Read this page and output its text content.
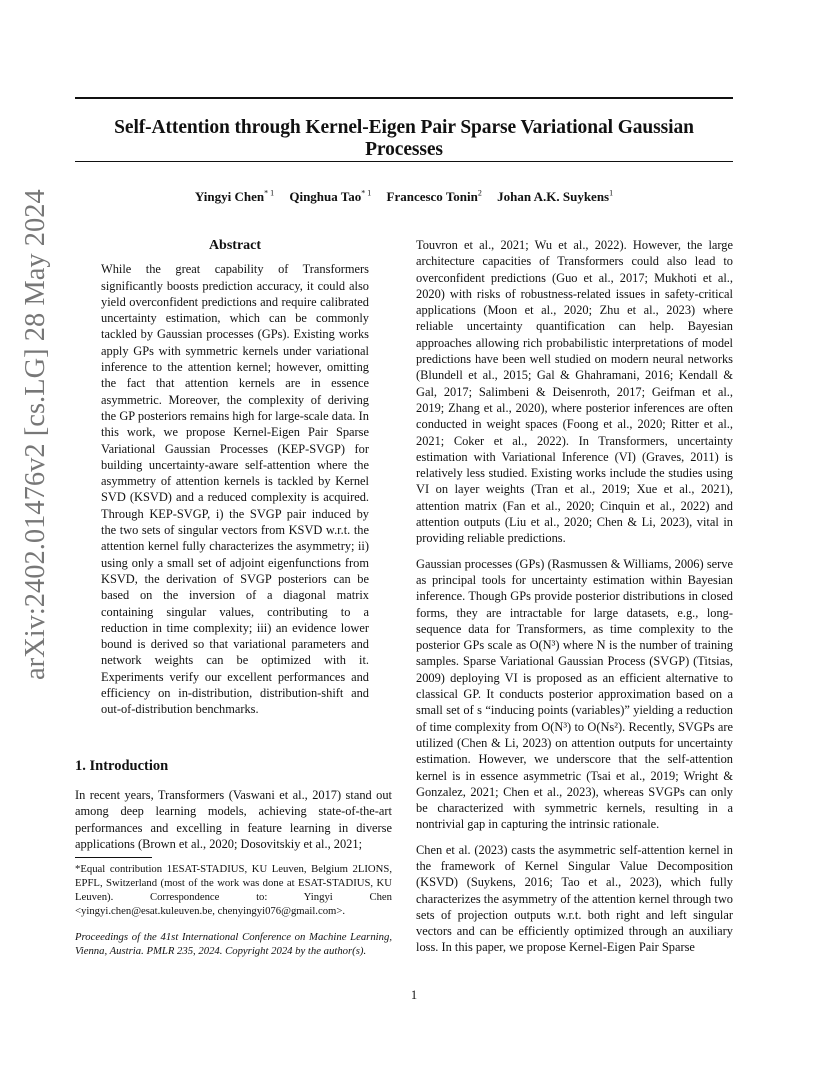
arXiv:2402.01476v2 [cs.LG] 28 May 2024
Self-Attention through Kernel-Eigen Pair Sparse Variational Gaussian Processes
Yingyi Chen$^{* 1}$ Qinghua Tao$^{* 1}$ Francesco Tonin$^2$ Johan A.K. Suykens$^1$
Abstract
While the great capability of Transformers significantly boosts prediction accuracy, it could also yield overconfident predictions and require calibrated uncertainty estimation, which can be commonly tackled by Gaussian processes (GPs). Existing works apply GPs with symmetric kernels under variational inference to the attention kernel; however, omitting the fact that attention kernels are in essence asymmetric. Moreover, the complexity of deriving the GP posteriors remains high for large-scale data. In this work, we propose Kernel-Eigen Pair Sparse Variational Gaussian Processes (KEP-SVGP) for building uncertainty-aware self-attention where the asymmetry of attention kernels is tackled by Kernel SVD (KSVD) and a reduced complexity is acquired. Through KEP-SVGP, i) the SVGP pair induced by the two sets of singular vectors from KSVD w.r.t. the attention kernel fully characterizes the asymmetry; ii) using only a small set of adjoint eigenfunctions from KSVD, the derivation of SVGP posteriors can be based on the inversion of a diagonal matrix containing singular values, contributing to a reduction in time complexity; iii) an evidence lower bound is derived so that variational parameters and network weights can be optimized with it. Experiments verify our excellent performances and efficiency on in-distribution, distribution-shift and out-of-distribution benchmarks.
1. Introduction
In recent years, Transformers (Vaswani et al., 2017) stand out among deep learning models, achieving state-of-the-art performances and excelling in feature learning in diverse applications (Brown et al., 2020; Dosovitskiy et al., 2021;
*Equal contribution 1ESAT-STADIUS, KU Leuven, Belgium 2LIONS, EPFL, Switzerland (most of the work was done at ESAT-STADIUS, KU Leuven). Correspondence to: Yingyi Chen <yingyi.chen@esat.kuleuven.be, chenyingyi076@gmail.com>.
Proceedings of the 41st International Conference on Machine Learning, Vienna, Austria. PMLR 235, 2024. Copyright 2024 by the author(s).

Touvron et al., 2021; Wu et al., 2022). However, the large architecture capacities of Transformers could also lead to overconfident predictions (Guo et al., 2017; Mukhoti et al., 2020) with risks of robustness-related issues in safety-critical applications (Moon et al., 2020; Zhu et al., 2023) where reliable uncertainty quantification can help. Bayesian approaches allowing rich probabilistic interpretations of model predictions have been well studied on modern neural networks (Blundell et al., 2015; Gal & Ghahramani, 2016; Kendall & Gal, 2017; Salimbeni & Deisenroth, 2017; Geifman et al., 2019; Zhang et al., 2020), where posterior inferences are often conducted in weight spaces (Foong et al., 2020; Ritter et al., 2021; Coker et al., 2022). In Transformers, uncertainty estimation with Variational Inference (VI) (Graves, 2011) is relatively less studied. Existing works include the studies using VI on layer weights (Tran et al., 2019; Xue et al., 2021), attention matrix (Fan et al., 2020; Cinquin et al., 2022) and attention outputs (Liu et al., 2020; Chen & Li, 2023), vital in providing reliable predictions.

Gaussian processes (GPs) (Rasmussen & Williams, 2006) serve as principal tools for uncertainty estimation within Bayesian inference. Though GPs provide posterior distributions in closed forms, they are intractable for large datasets, e.g., long-sequence data for Transformers, as time complexity to the posterior GPs scale as O(N³) where N is the number of training samples. Sparse Variational Gaussian Process (SVGP) (Titsias, 2009) deploying VI is proposed as an efficient alternative to classical GP. It conducts posterior approximation based on a small set of s “inducing points (variables)” yielding a reduction of time complexity from O(N³) to O(Ns²). Recently, SVGPs are utilized (Chen & Li, 2023) on attention outputs for uncertainty estimation. However, we underscore that the self-attention kernel is in essence asymmetric (Tsai et al., 2019; Wright & Gonzalez, 2021; Chen et al., 2023), whereas SVGPs can only be characterized with symmetric kernels, resulting in a nontrivial gap in capturing the intrinsic rationale.

Chen et al. (2023) casts the asymmetric self-attention kernel in the framework of Kernel Singular Value Decomposition (KSVD) (Suykens, 2016; Tao et al., 2023), which fully characterizes the asymmetry of the attention kernel through two sets of projection outputs w.r.t. both right and left singular vectors and can be efficiently optimized through an auxiliary loss. In this paper, we propose Kernel-Eigen Pair Sparse

1
